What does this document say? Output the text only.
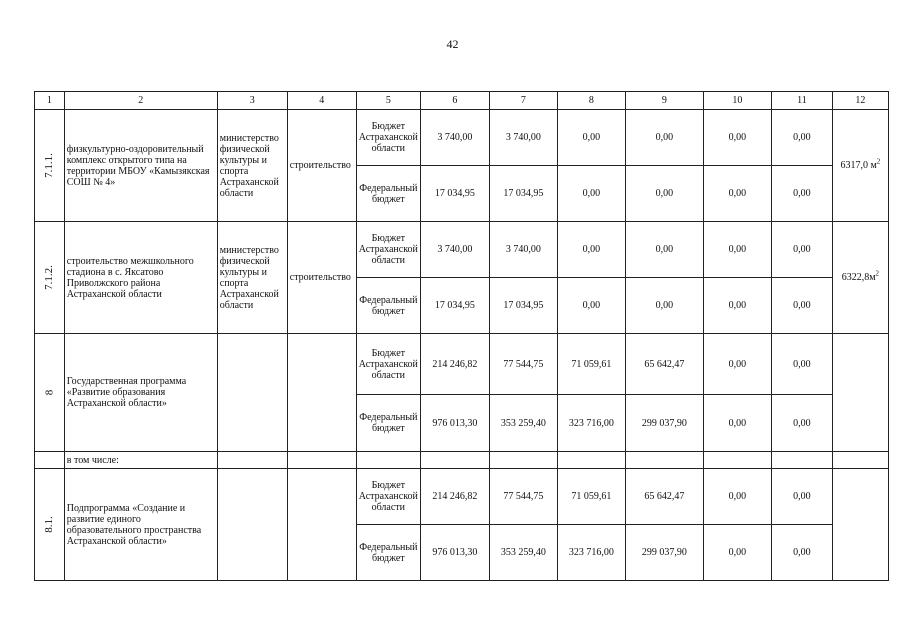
42
1	2	3	4	5	6	7	8	9	10	11	12
7.1.1.	физкультурно-оздоровительный комплекс открытого типа на территории МБОУ «Камызякская СОШ № 4»	министерство физической культуры и спорта Астраханской области	строительство	Бюджет Астраханской области	3 740,00	3 740,00	0,00	0,00	0,00	0,00	6317,0 $м^2$
				Федеральный бюджет	17 034,95	17 034,95	0,00	0,00	0,00	0,00	
7.1.2.	строительство межшкольного стадиона в с. Яксатово Приволжского района Астраханской области	министерство физической культуры и спорта Астраханской области	строительство	Бюджет Астраханской области	3 740,00	3 740,00	0,00	0,00	0,00	0,00	$6322,8м^2$
				Федеральный бюджет	17 034,95	17 034,95	0,00	0,00	0,00	0,00	
8	Государственная программа «Развитие образования Астраханской области»			Бюджет Астраханской области	214 246,82	77 544,75	71 059,61	65 642,47	0,00	0,00	
				Федеральный бюджет	976 013,30	353 259,40	323 716,00	299 037,90	0,00	0,00	
	в том числе:										
8.1.	Подпрограмма «Создание и развитие единого образовательного пространства Астраханской области»			Бюджет Астраханской области	214 246,82	77 544,75	71 059,61	65 642,47	0,00	0,00	
				Федеральный бюджет	976 013,30	353 259,40	323 716,00	299 037,90	0,00	0,00	
